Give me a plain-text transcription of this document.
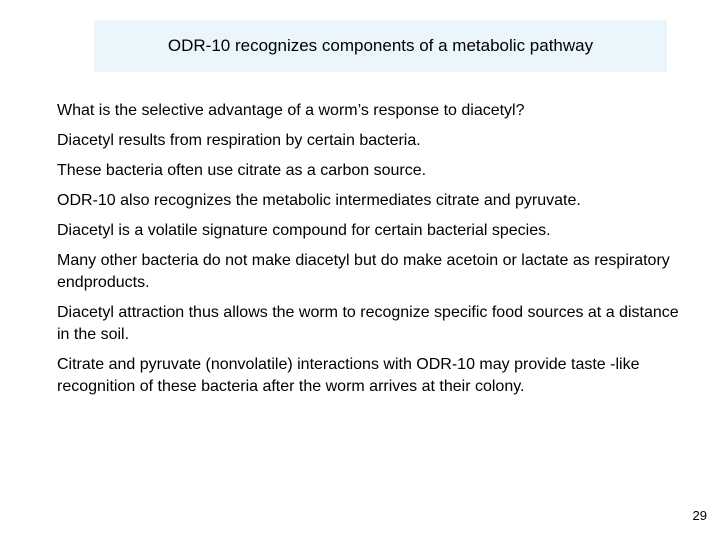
ODR-10 recognizes components of a metabolic pathway
What is the selective advantage of a worm’s response to diacetyl?
Diacetyl results from respiration by certain bacteria.
These bacteria often use citrate as a carbon source.
ODR-10 also recognizes the metabolic intermediates citrate and pyruvate.
Diacetyl is a volatile signature compound for certain bacterial species.
Many other bacteria do not make diacetyl but do make acetoin or lactate as respiratory endproducts.
Diacetyl attraction thus allows the worm to recognize specific food sources at a distance in the soil.
Citrate and pyruvate (nonvolatile) interactions with ODR-10 may provide taste -like recognition of these bacteria after the worm arrives at their colony.
29
